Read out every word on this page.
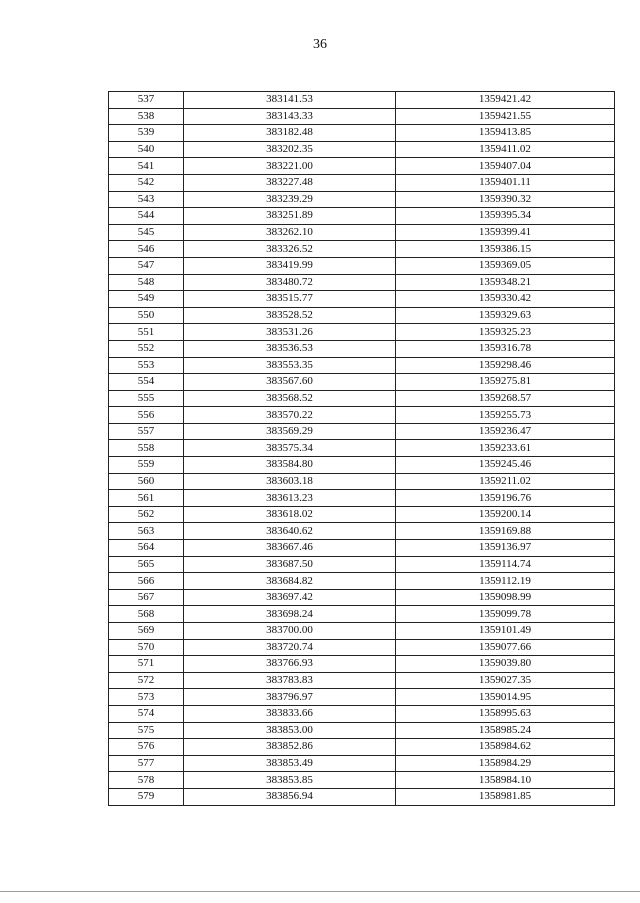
36
537	383141.53	1359421.42
538	383143.33	1359421.55
539	383182.48	1359413.85
540	383202.35	1359411.02
541	383221.00	1359407.04
542	383227.48	1359401.11
543	383239.29	1359390.32
544	383251.89	1359395.34
545	383262.10	1359399.41
546	383326.52	1359386.15
547	383419.99	1359369.05
548	383480.72	1359348.21
549	383515.77	1359330.42
550	383528.52	1359329.63
551	383531.26	1359325.23
552	383536.53	1359316.78
553	383553.35	1359298.46
554	383567.60	1359275.81
555	383568.52	1359268.57
556	383570.22	1359255.73
557	383569.29	1359236.47
558	383575.34	1359233.61
559	383584.80	1359245.46
560	383603.18	1359211.02
561	383613.23	1359196.76
562	383618.02	1359200.14
563	383640.62	1359169.88
564	383667.46	1359136.97
565	383687.50	1359114.74
566	383684.82	1359112.19
567	383697.42	1359098.99
568	383698.24	1359099.78
569	383700.00	1359101.49
570	383720.74	1359077.66
571	383766.93	1359039.80
572	383783.83	1359027.35
573	383796.97	1359014.95
574	383833.66	1358995.63
575	383853.00	1358985.24
576	383852.86	1358984.62
577	383853.49	1358984.29
578	383853.85	1358984.10
579	383856.94	1358981.85
